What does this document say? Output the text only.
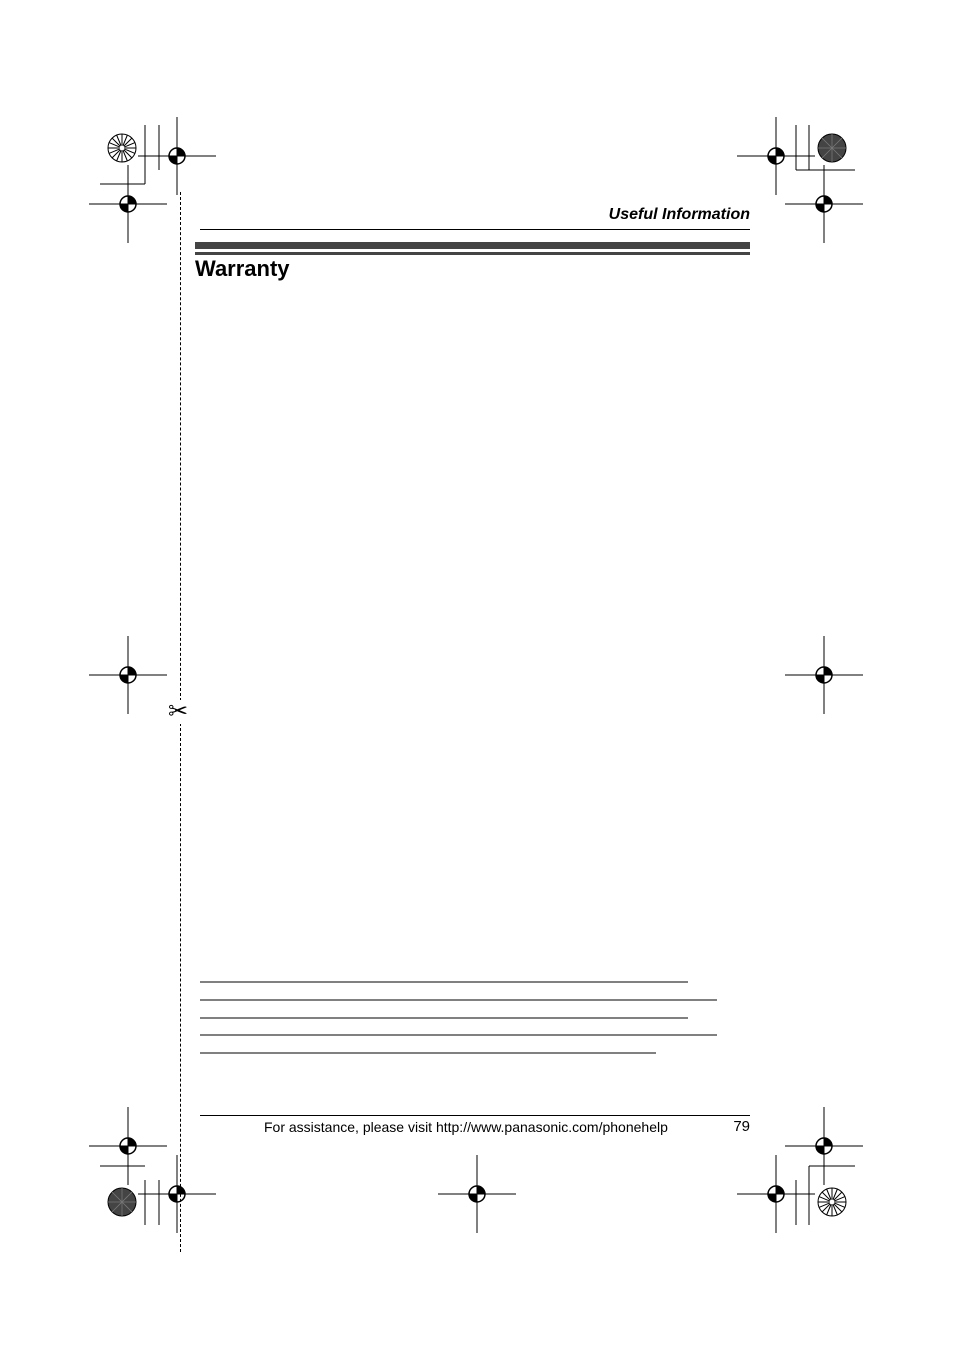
✂
Useful Information
Warranty
For assistance, please visit http://www.panasonic.com/phonehelp	79
